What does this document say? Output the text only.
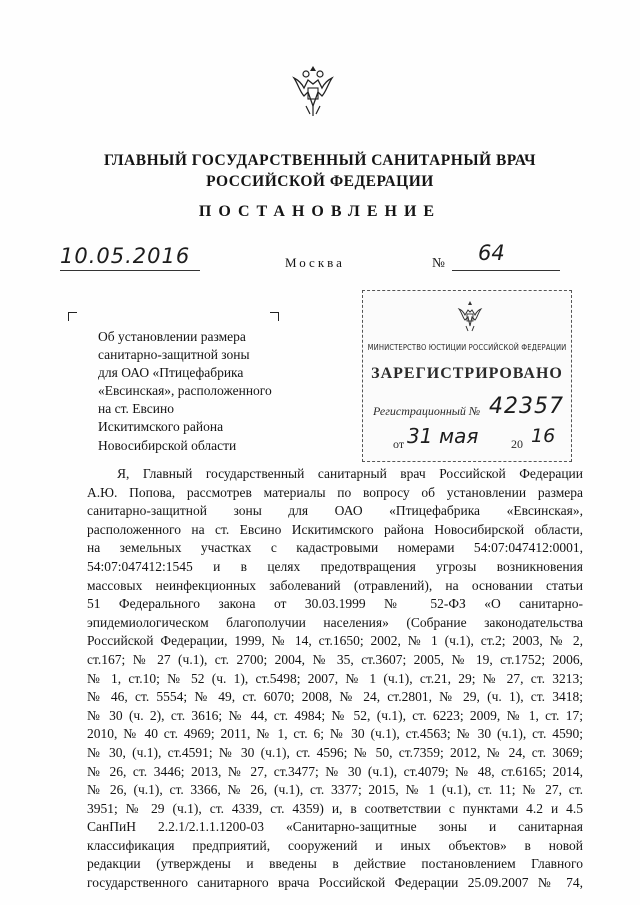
ГЛАВНЫЙ ГОСУДАРСТВЕННЫЙ САНИТАРНЫЙ ВРАЧ
РОССИЙСКОЙ ФЕДЕРАЦИИ
ПОСТАНОВЛЕНИЕ
10.05.2016	Москва	№ 64
Об установлении размера
санитарно-защитной зоны
для ОАО «Птицефабрика
«Евсинская», расположенного
на ст. Евсино
Искитимского района
Новосибирской области
МИНИСТЕРСТВО ЮСТИЦИИ РОССИЙСКОЙ ФЕДЕРАЦИИ
ЗАРЕГИСТРИРОВАНО
Регистрационный № 42357
от 31 мая	20 16
Я, Главный государственный санитарный врач Российской Федерации
А.Ю. Попова, рассмотрев материалы по вопросу об установлении размера
санитарно-защитной зоны для ОАО «Птицефабрика «Евсинская»,
расположенного на ст. Евсино Искитимского района Новосибирской области,
на земельных участках с кадастровыми номерами 54:07:047412:0001,
54:07:047412:1545 и в целях предотвращения угрозы возникновения
массовых неинфекционных заболеваний (отравлений), на основании статьи
51 Федерального закона от 30.03.1999 № 52-ФЗ «О санитарно-
эпидемиологическом благополучии населения» (Собрание законодательства
Российской Федерации, 1999, № 14, ст.1650; 2002, № 1 (ч.1), ст.2; 2003, № 2,
ст.167; № 27 (ч.1), ст. 2700; 2004, № 35, ст.3607; 2005, № 19, ст.1752; 2006,
№ 1, ст.10; № 52 (ч. 1), ст.5498; 2007, № 1 (ч.1), ст.21, 29; № 27, ст. 3213;
№ 46, ст. 5554; № 49, ст. 6070; 2008, № 24, ст.2801, № 29, (ч. 1), ст. 3418;
№ 30 (ч. 2), ст. 3616; № 44, ст. 4984; № 52, (ч.1), ст. 6223; 2009, № 1, ст. 17;
2010, № 40 ст. 4969; 2011, № 1, ст. 6; № 30 (ч.1), ст.4563; № 30 (ч.1), ст. 4590;
№ 30, (ч.1), ст.4591; № 30 (ч.1), ст. 4596; № 50, ст.7359; 2012, № 24, ст. 3069;
№ 26, ст. 3446; 2013, № 27, ст.3477; № 30 (ч.1), ст.4079; № 48, ст.6165; 2014,
№ 26, (ч.1), ст. 3366, № 26, (ч.1), ст. 3377; 2015, № 1 (ч.1), ст. 11; № 27, ст.
3951; № 29 (ч.1), ст. 4339, ст. 4359) и, в соответствии с пунктами 4.2 и 4.5
СанПиН 2.2.1/2.1.1.1200-03 «Санитарно-защитные зоны и санитарная
классификация предприятий, сооружений и иных объектов» в новой
редакции (утверждены и введены в действие постановлением Главного
государственного санитарного врача Российской Федерации 25.09.2007 № 74,
